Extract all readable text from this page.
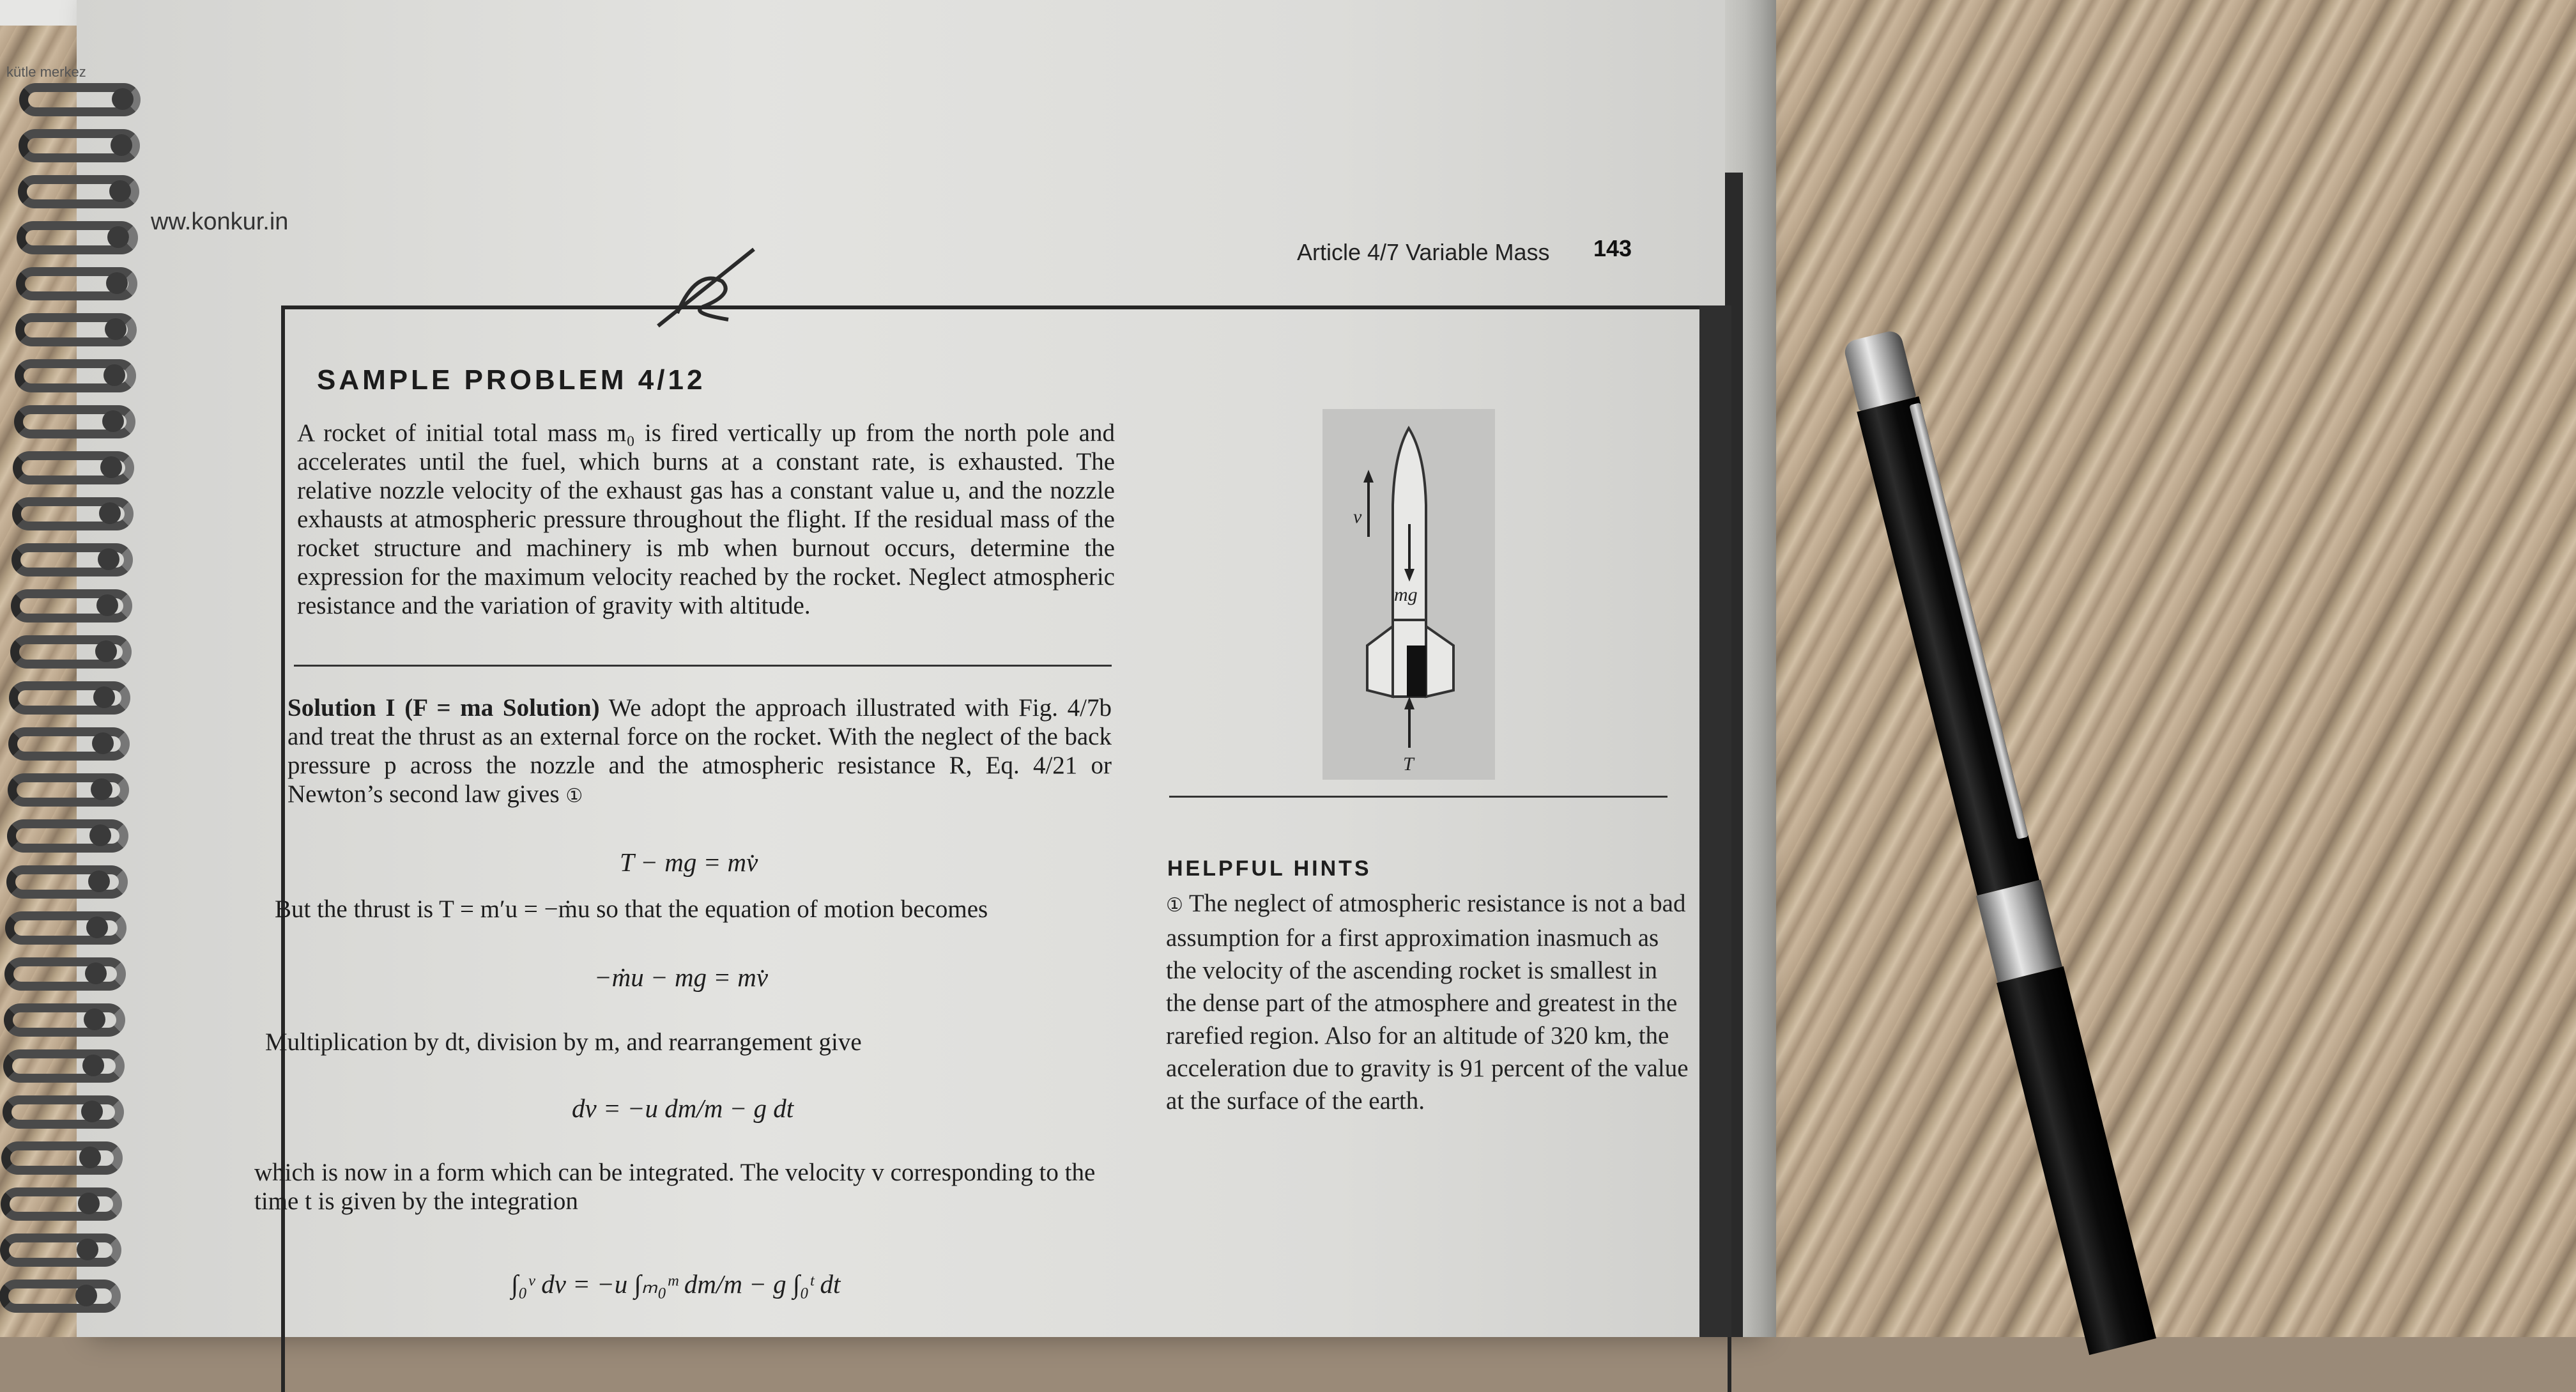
kütle merkez
ww.konkur.in
Article 4/7 Variable Mass 143
SAMPLE PROBLEM 4/12
A rocket of initial total mass m₀ is fired vertically up from the north pole and accelerates until the fuel, which burns at a constant rate, is exhausted. The relative nozzle velocity of the exhaust gas has a constant value u, and the nozzle exhausts at atmospheric pressure throughout the flight. If the residual mass of the rocket structure and machinery is mb when burnout occurs, determine the expression for the maximum velocity reached by the rocket. Neglect atmospheric resistance and the variation of gravity with altitude.
Solution I (F = ma Solution) We adopt the approach illustrated with Fig. 4/7b and treat the thrust as an external force on the rocket. With the neglect of the back pressure p across the nozzle and the atmospheric resistance R, Eq. 4/21 or Newton’s second law gives ①
T − mg = mv̇
But the thrust is T = m′u = −ṁu so that the equation of motion becomes
−ṁu − mg = mv̇
Multiplication by dt, division by m, and rearrangement give
dv = −u dm/m − g dt
which is now in a form which can be integrated. The velocity v corresponding to the time t is given by the integration
∫₀ᵛ dv = −u ∫ₘ₀ᵐ dm/m − g ∫₀ᵗ dt
v
mg
T
HELPFUL HINTS
① The neglect of atmospheric resistance is not a bad assumption for a first approximation inasmuch as the velocity of the ascending rocket is smallest in the dense part of the atmosphere and greatest in the rarefied region. Also for an altitude of 320 km, the acceleration due to gravity is 91 percent of the value at the surface of the earth.
